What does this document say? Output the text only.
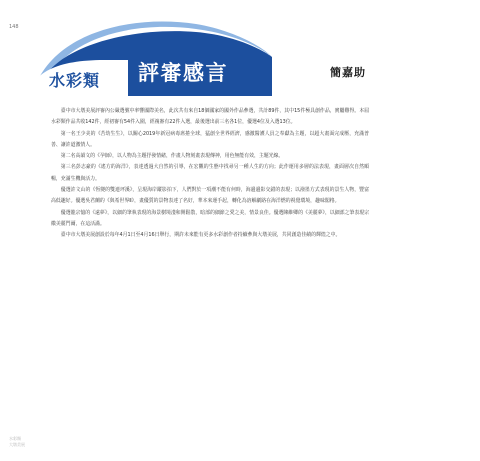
148
水彩類 評審感言	簡嘉助

臺中市大墩美展評審內公嚴選號中率響國際美名，此次共有來自18個國家的國外作品參選，共計89件，其中15件極具創作品，實屬難得。本屆水彩類作品共收142件，經初審有54件入圍，經複審有22件入選，最後選出前三名各1位，優選4位及入選13位。

第一名王少美的《苦幼生生》，以關心2019年新冠病毒席捲全球，猛創全世界經濟，感激醫護人員之奉獻為主題，以超大畫面完成壓，充滿普善、讓許道激情人。

第二名高韻文的《孕師》，以人物為主題抒發情緒，作畫人物刻畫表現傳神，用色無能有效，主題光線。

第三名彭志豪的《遙方的海洋》，表達透過大自然的引導，在宏觀的生態中找尋另一種人生的方向；此作運用多層的法表現，畫面層次自然順暢，充滿生機與活力。

優選許文山的《恆變的雙連坪溪》，呈現海岸蹤影拍下，人們對於一項潮不能有何時，海邊邊影交錯的表現；以潑墨方式表現的景生人物，豐富高低趣好。優選吳君蘭的《與希世界Ⅱ》，畫優質的景物表達了名好，華本來運手起，轉化為溶解劇路在海洋燃的視覺環境，趣味閣格。

優選龍宗憶的《遠夢》，以細的筆執表現的海景樹境淺和開鬆散，暗部的細節之愛之美，情景良佳。優選陳維卿的《美麗夢》，以細部之筆表現宗徽美麗門爾，在這活滿。

臺中市大墩美展創設於每年4月1日至4月16日舉行，期許未來能有更多水彩創作者持續參與大墩美展，共同創造佳績的輝煌之中。

水彩類　　　　　　　　　　　　　　　　　　　　　　　　　　　
大墩美展　　　　　　　　　　　　　　　　　
